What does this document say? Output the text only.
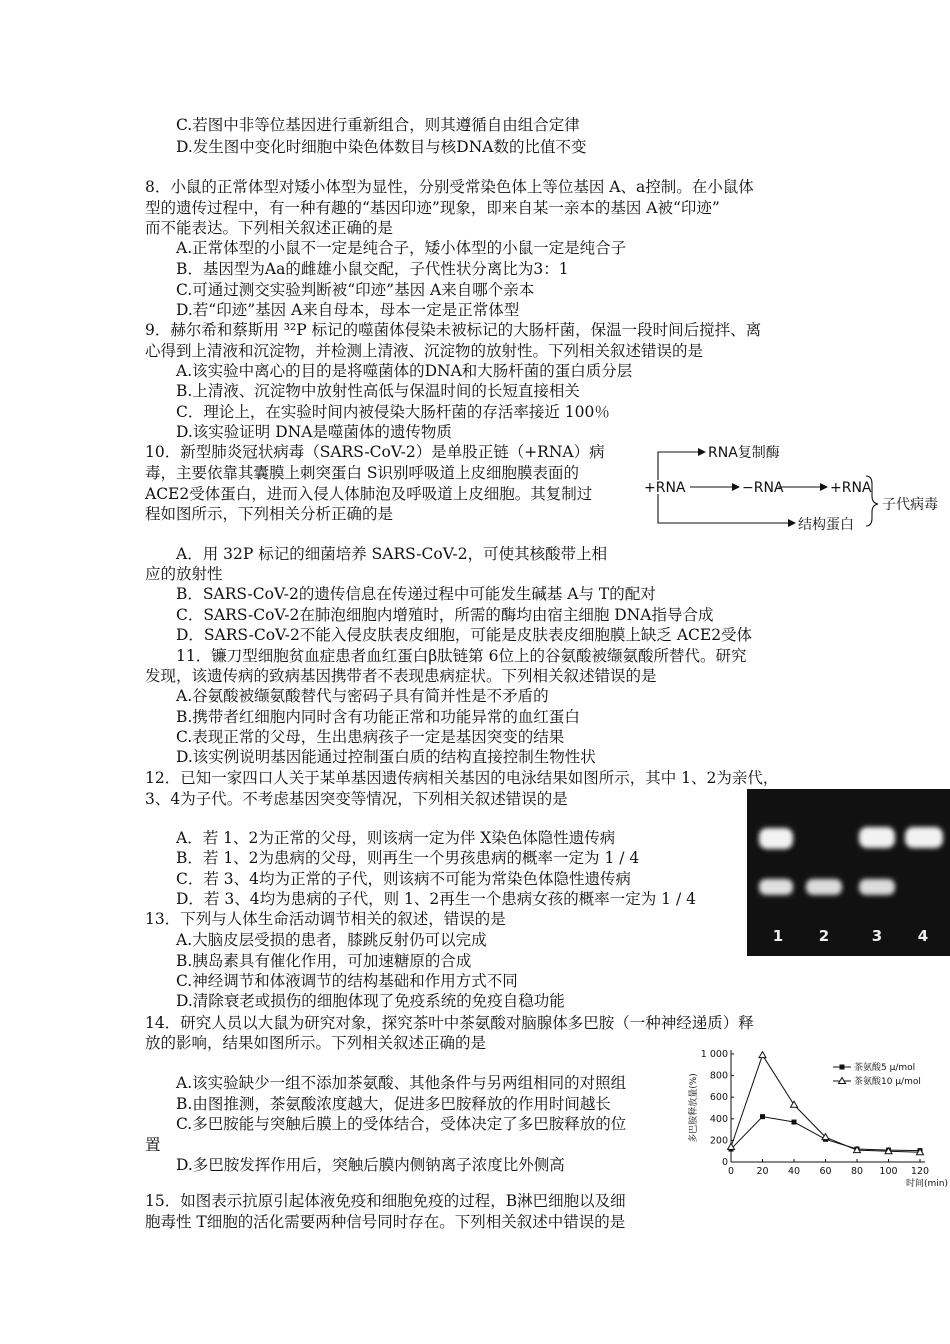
C.若图中非等位基因进行重新组合，则其遵循自由组合定律
D.发生图中变化时细胞中染色体数目与核DNA数的比值不变
8．小鼠的正常体型对矮小体型为显性，分别受常染色体上等位基因 A、a控制。在小鼠体
型的遗传过程中，有一种有趣的“基因印迹”现象，即来自某一亲本的基因 A被“印迹”
而不能表达。下列相关叙述正确的是
A.正常体型的小鼠不一定是纯合子，矮小体型的小鼠一定是纯合子
B．基因型为Aa的雌雄小鼠交配，子代性状分离比为3：1
C.可通过测交实验判断被“印迹”基因 A来自哪个亲本
D.若“印迹”基因 A来自母本，母本一定是正常体型
9．赫尔希和蔡斯用 ³²P 标记的噬菌体侵染未被标记的大肠杆菌，保温一段时间后搅拌、离
心得到上清液和沉淀物，并检测上清液、沉淀物的放射性。下列相关叙述错误的是
A.该实验中离心的目的是将噬菌体的DNA和大肠杆菌的蛋白质分层
B.上清液、沉淀物中放射性高低与保温时间的长短直接相关
C．理论上，在实验时间内被侵染大肠杆菌的存活率接近 100％
D.该实验证明 DNA是噬菌体的遗传物质
10．新型肺炎冠状病毒（SARS-CoV-2）是单股正链（+RNA）病
毒，主要依靠其囊膜上刺突蛋白 S识别呼吸道上皮细胞膜表面的
ACE2受体蛋白，进而入侵人体肺泡及呼吸道上皮细胞。其复制过
程如图所示，下列相关分析正确的是
A．用 32P 标记的细菌培养 SARS-CoV-2，可使其核酸带上相
应的放射性
B．SARS-CoV-2的遗传信息在传递过程中可能发生碱基 A与 T的配对
C．SARS-CoV-2在肺泡细胞内增殖时，所需的酶均由宿主细胞 DNA指导合成
D．SARS-CoV-2不能入侵皮肤表皮细胞，可能是皮肤表皮细胞膜上缺乏 ACE2受体
11．镰刀型细胞贫血症患者血红蛋白β肽链第 6位上的谷氨酸被缬氨酸所替代。研究
发现，该遗传病的致病基因携带者不表现患病症状。下列相关叙述错误的是
A.谷氨酸被缬氨酸替代与密码子具有简并性是不矛盾的
B.携带者红细胞内同时含有功能正常和功能异常的血红蛋白
C.表现正常的父母，生出患病孩子一定是基因突变的结果
D.该实例说明基因能通过控制蛋白质的结构直接控制生物性状
12．已知一家四口人关于某单基因遗传病相关基因的电泳结果如图所示，其中 1、2为亲代，
3、4为子代。不考虑基因突变等情况，下列相关叙述错误的是
A．若 1、2为正常的父母，则该病一定为伴 X染色体隐性遗传病
B．若 1、2为患病的父母，则再生一个男孩患病的概率一定为 1 / 4
C．若 3、4均为正常的子代，则该病不可能为常染色体隐性遗传病
D．若 3、4均为患病的子代，则 1、2再生一个患病女孩的概率一定为 1 / 4
13．下列与人体生命活动调节相关的叙述，错误的是
A.大脑皮层受损的患者，膝跳反射仍可以完成
B.胰岛素具有催化作用，可加速糖原的合成
C.神经调节和体液调节的结构基础和作用方式不同
D.清除衰老或损伤的细胞体现了免疫系统的免疫自稳功能
14．研究人员以大鼠为研究对象，探究茶叶中茶氨酸对脑腺体多巴胺（一种神经递质）释
放的影响，结果如图所示。下列相关叙述正确的是
A.该实验缺少一组不添加茶氨酸、其他条件与另两组相同的对照组
B.由图推测，茶氨酸浓度越大，促进多巴胺释放的作用时间越长
C.多巴胺能与突触后膜上的受体结合，受体决定了多巴胺释放的位
置
D.多巴胺发挥作用后，突触后膜内侧钠离子浓度比外侧高
15．如图表示抗原引起体液免疫和细胞免疫的过程，B淋巴细胞以及细
胞毒性 T细胞的活化需要两种信号同时存在。下列相关叙述中错误的是
RNA复制酶
+RNA	−RNA	+RNA
结构蛋白
子代病毒
1 2	3 4
0
200
400
600
800
1 000
0 20 40 60 80 100 120
多巴胺释放量(%)
时间(min)
茶氨酸5 μ/mol
茶氨酸10 μ/mol
